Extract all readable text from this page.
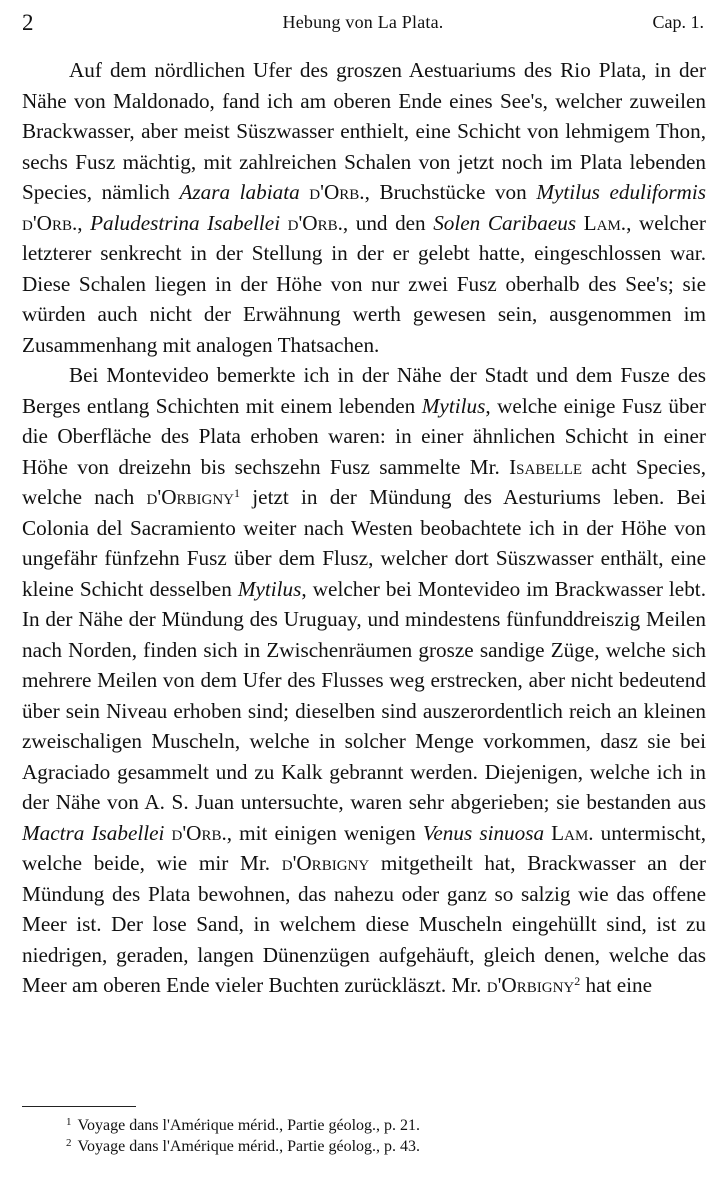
2	Hebung von La Plata.	Cap. 1.

Auf dem nördlichen Ufer des groszen Aestuariums des Rio Plata, in der Nähe von Maldonado, fand ich am oberen Ende eines See's, welcher zuweilen Brackwasser, aber meist Süszwasser enthielt, eine Schicht von lehmigem Thon, sechs Fusz mächtig, mit zahlreichen Schalen von jetzt noch im Plata lebenden Species, nämlich Azara labiata d'Orb., Bruchstücke von Mytilus eduliformis d'Orb., Paludestrina Isabellei d'Orb., und den Solen Caribaeus Lam., welcher letzterer senkrecht in der Stellung in der er gelebt hatte, eingeschlossen war. Diese Schalen liegen in der Höhe von nur zwei Fusz oberhalb des See's; sie würden auch nicht der Erwähnung werth gewesen sein, ausgenommen im Zusammenhang mit analogen Thatsachen.

Bei Montevideo bemerkte ich in der Nähe der Stadt und dem Fusze des Berges entlang Schichten mit einem lebenden Mytilus, welche einige Fusz über die Oberfläche des Plata erhoben waren: in einer ähnlichen Schicht in einer Höhe von dreizehn bis sechszehn Fusz sammelte Mr. Isabelle acht Species, welche nach d'Orbigny$^1$ jetzt in der Mündung des Aesturiums leben. Bei Colonia del Sacramiento weiter nach Westen beobachtete ich in der Höhe von ungefähr fünfzehn Fusz über dem Flusz, welcher dort Süszwasser enthält, eine kleine Schicht desselben Mytilus, welcher bei Montevideo im Brackwasser lebt. In der Nähe der Mündung des Uruguay, und mindestens fünfunddreiszig Meilen nach Norden, finden sich in Zwischenräumen grosze sandige Züge, welche sich mehrere Meilen von dem Ufer des Flusses weg erstrecken, aber nicht bedeutend über sein Niveau erhoben sind; dieselben sind auszerordentlich reich an kleinen zweischaligen Muscheln, welche in solcher Menge vorkommen, dasz sie bei Agraciado gesammelt und zu Kalk gebrannt werden. Diejenigen, welche ich in der Nähe von A. S. Juan untersuchte, waren sehr abgerieben; sie bestanden aus Mactra Isabellei d'Orb., mit einigen wenigen Venus sinuosa Lam. untermischt, welche beide, wie mir Mr. d'Orbigny mitgetheilt hat, Brackwasser an der Mündung des Plata bewohnen, das nahezu oder ganz so salzig wie das offene Meer ist. Der lose Sand, in welchem diese Muscheln eingehüllt sind, ist zu niedrigen, geraden, langen Dünenzügen aufgehäuft, gleich denen, welche das Meer am oberen Ende vieler Buchten zurückläszt. Mr. d'Orbigny$^2$ hat eine

$^1$ Voyage dans l'Amérique mérid., Partie géolog., p. 21.

$^2$ Voyage dans l'Amérique mérid., Partie géolog., p. 43.
